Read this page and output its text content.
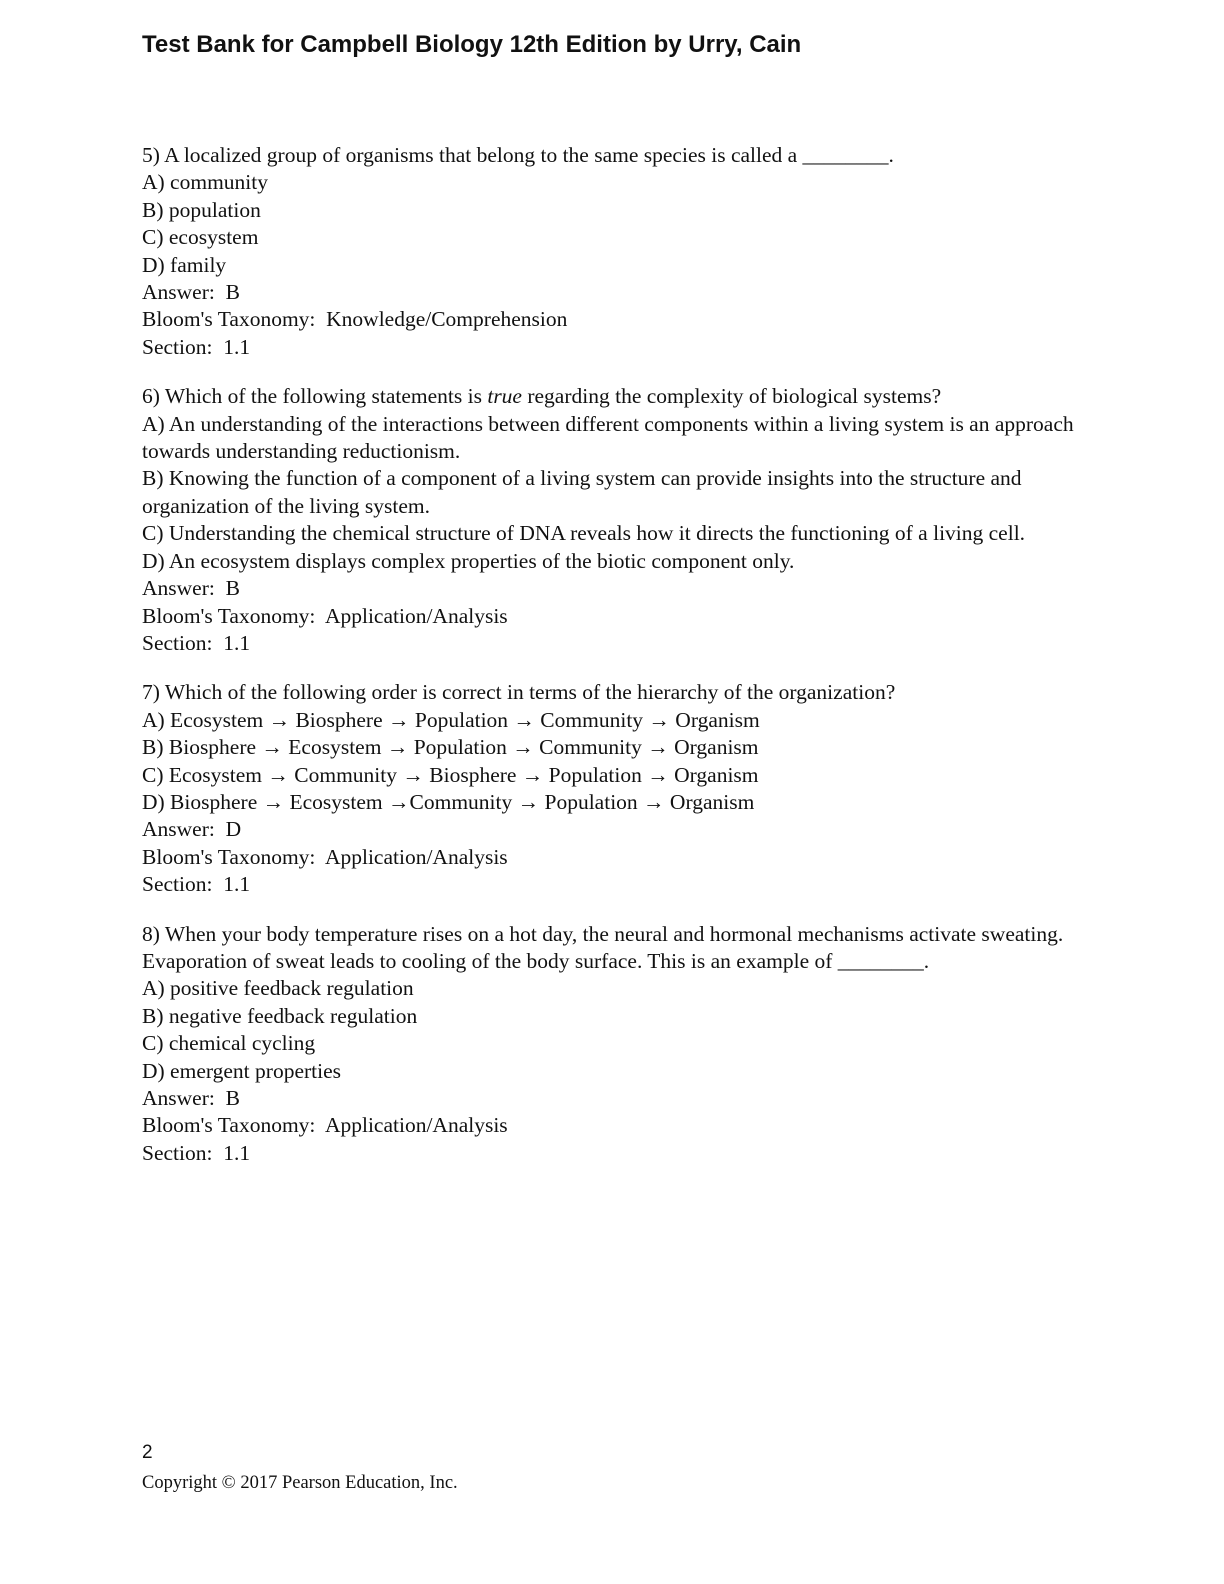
Test Bank for Campbell Biology 12th Edition by Urry, Cain
5) A localized group of organisms that belong to the same species is called a ________.
A) community
B) population
C) ecosystem
D) family
Answer:  B
Bloom's Taxonomy:  Knowledge/Comprehension
Section:  1.1
6) Which of the following statements is true regarding the complexity of biological systems?
A) An understanding of the interactions between different components within a living system is an approach towards understanding reductionism.
B) Knowing the function of a component of a living system can provide insights into the structure and organization of the living system.
C) Understanding the chemical structure of DNA reveals how it directs the functioning of a living cell.
D) An ecosystem displays complex properties of the biotic component only.
Answer:  B
Bloom's Taxonomy:  Application/Analysis
Section:  1.1
7) Which of the following order is correct in terms of the hierarchy of the organization?
A) Ecosystem → Biosphere → Population → Community → Organism
B) Biosphere → Ecosystem → Population → Community → Organism
C) Ecosystem → Community → Biosphere → Population → Organism
D) Biosphere → Ecosystem →Community → Population → Organism
Answer:  D
Bloom's Taxonomy:  Application/Analysis
Section:  1.1
8) When your body temperature rises on a hot day, the neural and hormonal mechanisms activate sweating. Evaporation of sweat leads to cooling of the body surface. This is an example of ________.
A) positive feedback regulation
B) negative feedback regulation
C) chemical cycling
D) emergent properties
Answer:  B
Bloom's Taxonomy:  Application/Analysis
Section:  1.1
2
Copyright © 2017 Pearson Education, Inc.
